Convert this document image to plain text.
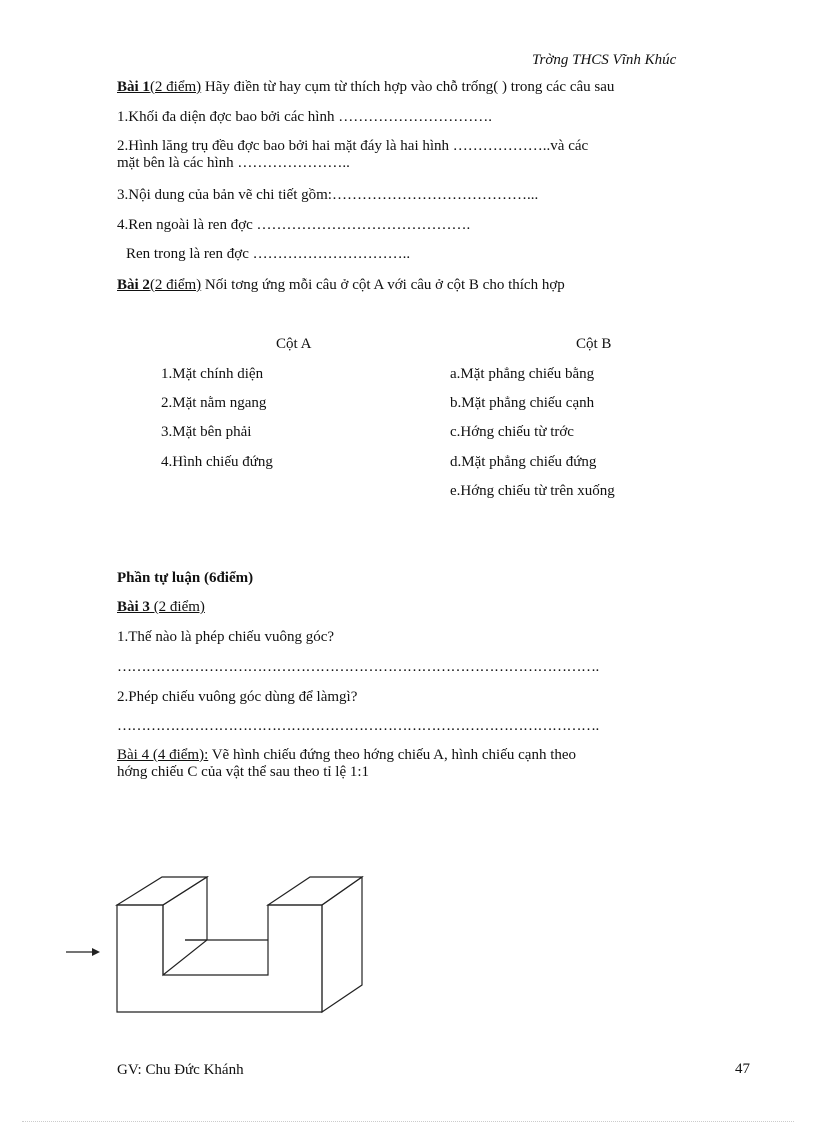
Trờng THCS Vĩnh Khúc
Bài 1(2 điểm) Hãy điền từ hay cụm từ thích hợp vào chỗ trống( ) trong các câu sau
1.Khối đa diện đợc bao bởi các hình ………………………….
2.Hình lăng trụ đều đợc bao bởi hai mặt đáy là hai hình ………………..và các
mặt bên là các hình …………………..
3.Nội dung của bản vẽ chi tiết gồm:…………………………………...
4.Ren ngoài là ren đợc …………………………………….
Ren trong là ren đợc …………………………..
Bài 2(2 điểm) Nối tơng ứng mỗi câu ở cột A với câu ở cột B cho thích hợp
Cột A	Cột B
1.Mặt chính diện
2.Mặt nằm ngang
3.Mặt bên phải
4.Hình chiếu đứng
a.Mặt phẳng chiếu bằng
b.Mặt phẳng chiếu cạnh
c.Hớng chiếu từ trớc
d.Mặt phẳng chiếu đứng
e.Hớng chiếu từ trên xuống
Phần tự luận (6điểm)
Bài 3 (2 điểm)
1.Thế nào là phép chiếu vuông góc?
……………………………………………………………………………………….
2.Phép chiếu vuông góc dùng để làmgì?
……………………………………………………………………………………….
Bài 4 (4 điểm): Vẽ hình chiếu đứng theo hớng chiếu A, hình chiếu cạnh theo
hớng chiếu C của vật thể sau theo tỉ lệ 1:1
GV: Chu Đức Khánh	47
